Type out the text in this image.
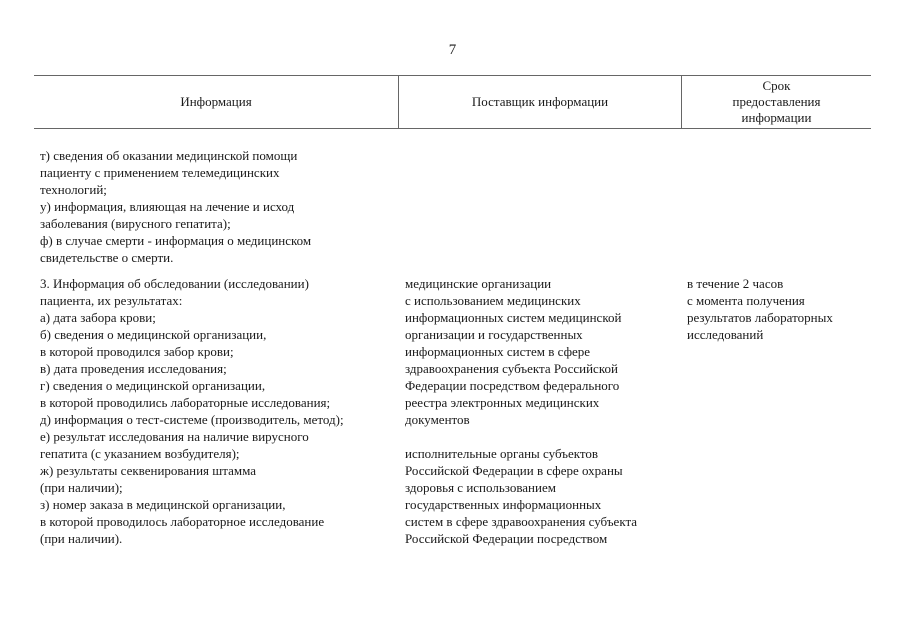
7
Информация	Поставщик информации
Срок
предоставления
информации
т) сведения об оказании медицинской помощи
пациенту с применением телемедицинских
технологий;
у) информация, влияющая на лечение и исход
заболевания (вирусного гепатита);
ф) в случае смерти - информация о медицинском
свидетельстве о смерти.
3. Информация об обследовании (исследовании)
пациента, их результатах:
а) дата забора крови;
б) сведения о медицинской организации,
в которой проводился забор крови;
в) дата проведения исследования;
г) сведения о медицинской организации,
в которой проводились лабораторные исследования;
д) информация о тест-системе (производитель, метод);
е) результат исследования на наличие вирусного
гепатита (с указанием возбудителя);
ж) результаты секвенирования штамма
(при наличии);
з) номер заказа в медицинской организации,
в которой проводилось лабораторное исследование
(при наличии).
медицинские организации
с использованием медицинских
информационных систем медицинской
организации и государственных
информационных систем в сфере
здравоохранения субъекта Российской
Федерации посредством федерального
реестра электронных медицинских
документов
исполнительные органы субъектов
Российской Федерации в сфере охраны
здоровья с использованием
государственных информационных
систем в сфере здравоохранения субъекта
Российской Федерации посредством
в течение 2 часов
с момента получения
результатов лабораторных
исследований
